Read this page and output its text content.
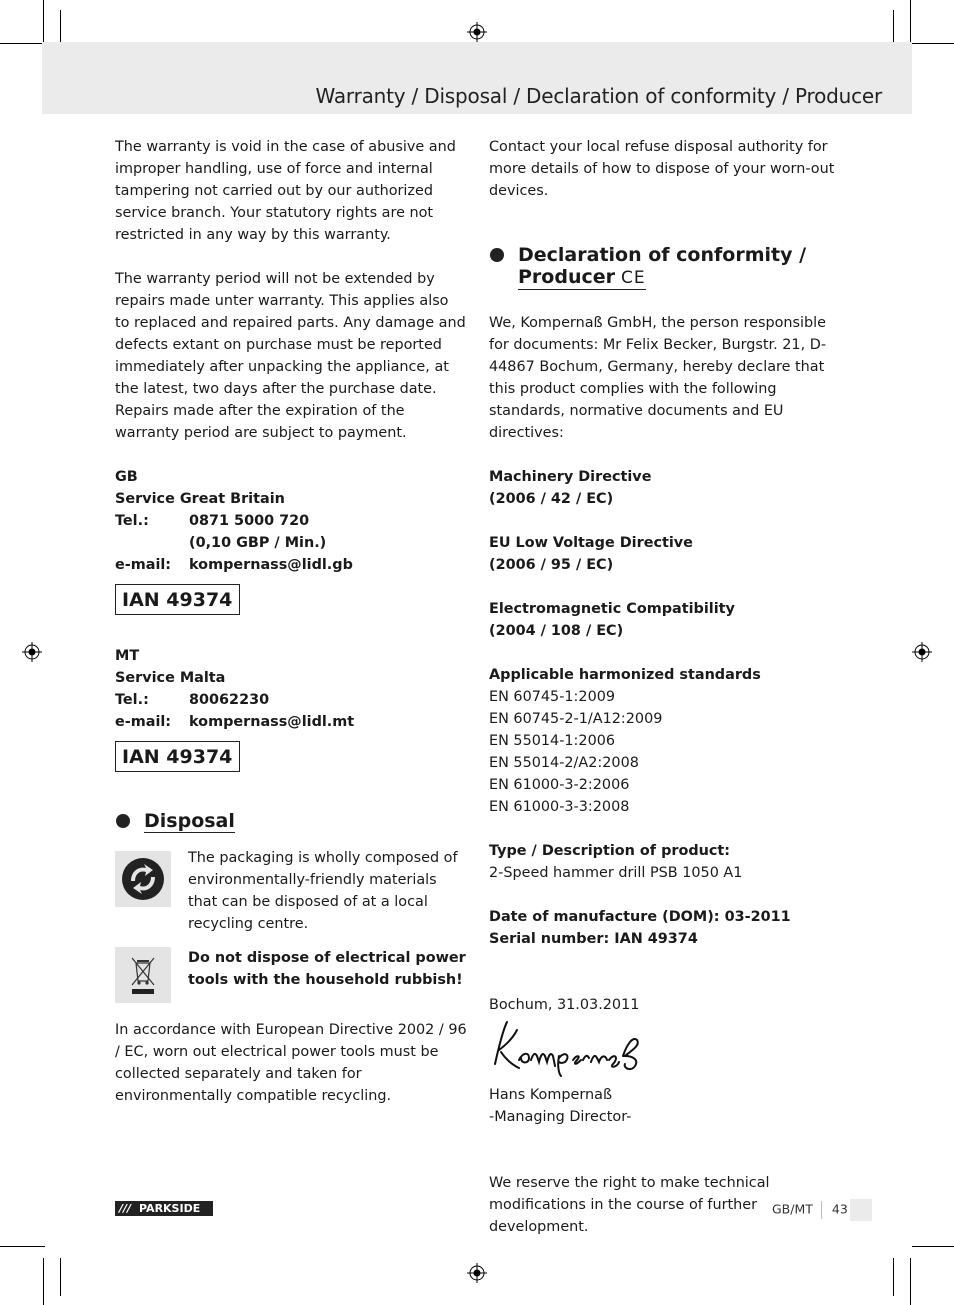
Warranty / Disposal / Declaration of conformity / Producer

The warranty is void in the case of abusive and improper handling, use of force and internal tampering not carried out by our authorized service branch. Your statutory rights are not restricted in any way by this warranty.

The warranty period will not be extended by repairs made unter warranty. This applies also to replaced and repaired parts. Any damage and defects extant on purchase must be reported immediately after unpacking the appliance, at the latest, two days after the purchase date. Repairs made after the expiration of the warranty period are subject to payment.

GB

Service Great Britain

Tel.:	0871 5000 720
(0,10 GBP / Min.)
e-mail:	kompernass@lidl.gb
IAN 49374

MT

Service Malta

Tel.:	80062230
e-mail:	kompernass@lidl.mt
IAN 49374
Disposal

The packaging is wholly composed of environmentally-friendly materials that can be disposed of at a local recycling centre.

Do not dispose of electrical power tools with the household rubbish!

In accordance with European Directive 2002 / 96 / EC, worn out electrical power tools must be collected separately and taken for environmentally compatible recycling.

Contact your local refuse disposal authority for more details of how to dispose of your worn-out devices.

Declaration of conformity /
Producer CE

We, Kompernaß GmbH, the person responsible for documents: Mr Felix Becker, Burgstr. 21, D-44867 Bochum, Germany, hereby declare that this product complies with the following standards, normative documents and EU directives:

Machinery Directive

(2006 / 42 / EC)

EU Low Voltage Directive

(2006 / 95 / EC)

Electromagnetic Compatibility

(2004 / 108 / EC)

Applicable harmonized standards

EN 60745-1:2009

EN 60745-2-1/A12:2009

EN 55014-1:2006

EN 55014-2/A2:2008

EN 61000-3-2:2006

EN 61000-3-3:2008

Type / Description of product:

2-Speed hammer drill PSB 1050 A1

Date of manufacture (DOM): 03-2011

Serial number: IAN 49374

Bochum, 31.03.2011

Hans Kompernaß

-Managing Director-

We reserve the right to make technical modifications in the course of further development.

/// PARKSIDE	GB/MT 43
